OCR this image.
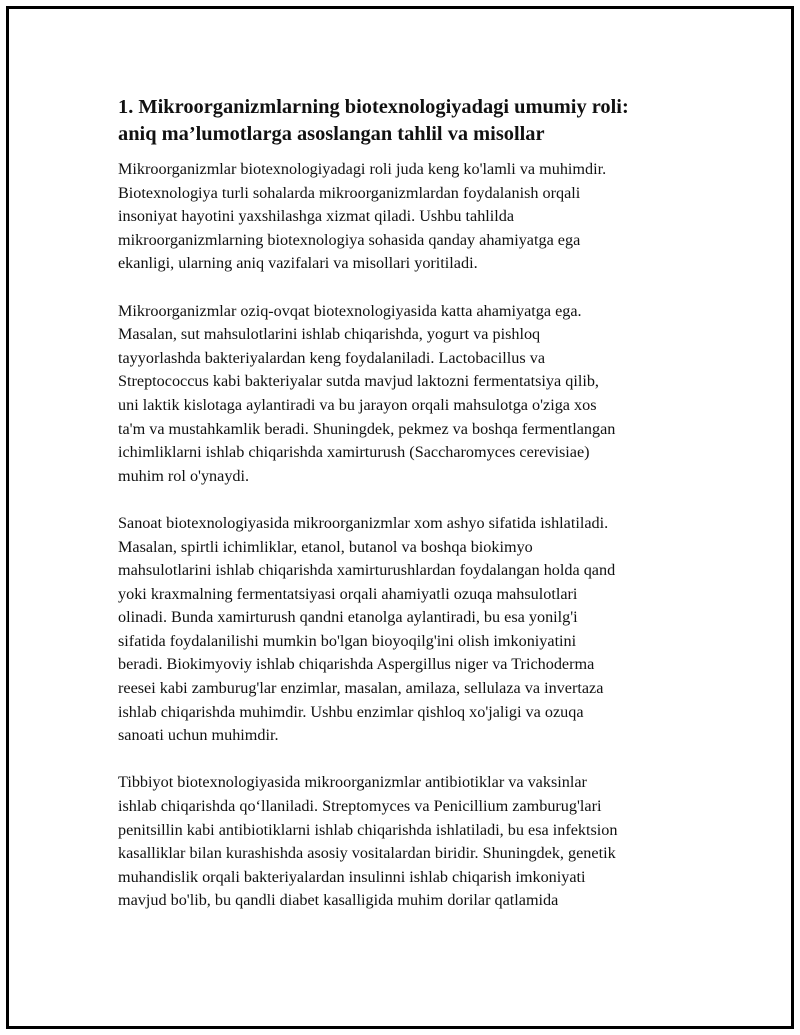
1. Mikroorganizmlarning biotexnologiyadagi umumiy roli:
aniq ma’lumotlarga asoslangan tahlil va misollar

Mikroorganizmlar biotexnologiyadagi roli juda keng ko'lamli va muhimdir.
Biotexnologiya turli sohalarda mikroorganizmlardan foydalanish orqali
insoniyat hayotini yaxshilashga xizmat qiladi. Ushbu tahlilda
mikroorganizmlarning biotexnologiya sohasida qanday ahamiyatga ega
ekanligi, ularning aniq vazifalari va misollari yoritiladi.

Mikroorganizmlar oziq-ovqat biotexnologiyasida katta ahamiyatga ega.
Masalan, sut mahsulotlarini ishlab chiqarishda, yogurt va pishloq
tayyorlashda bakteriyalardan keng foydalaniladi. Lactobacillus va
Streptococcus kabi bakteriyalar sutda mavjud laktozni fermentatsiya qilib,
uni laktik kislotaga aylantiradi va bu jarayon orqali mahsulotga o'ziga xos
ta'm va mustahkamlik beradi. Shuningdek, pekmez va boshqa fermentlangan
ichimliklarni ishlab chiqarishda xamirturush (Saccharomyces cerevisiae)
muhim rol o'ynaydi.

Sanoat biotexnologiyasida mikroorganizmlar xom ashyo sifatida ishlatiladi.
Masalan, spirtli ichimliklar, etanol, butanol va boshqa biokimyo
mahsulotlarini ishlab chiqarishda xamirturushlardan foydalangan holda qand
yoki kraxmalning fermentatsiyasi orqali ahamiyatli ozuqa mahsulotlari
olinadi. Bunda xamirturush qandni etanolga aylantiradi, bu esa yonilg'i
sifatida foydalanilishi mumkin bo'lgan bioyoqilg'ini olish imkoniyatini
beradi. Biokimyoviy ishlab chiqarishda Aspergillus niger va Trichoderma
reesei kabi zamburug'lar enzimlar, masalan, amilaza, sellulaza va invertaza
ishlab chiqarishda muhimdir. Ushbu enzimlar qishloq xo'jaligi va ozuqa
sanoati uchun muhimdir.

Tibbiyot biotexnologiyasida mikroorganizmlar antibiotiklar va vaksinlar
ishlab chiqarishda qo‘llaniladi. Streptomyces va Penicillium zamburug'lari
penitsillin kabi antibiotiklarni ishlab chiqarishda ishlatiladi, bu esa infektsion
kasalliklar bilan kurashishda asosiy vositalardan biridir. Shuningdek, genetik
muhandislik orqali bakteriyalardan insulinni ishlab chiqarish imkoniyati
mavjud bo'lib, bu qandli diabet kasalligida muhim dorilar qatlamida
